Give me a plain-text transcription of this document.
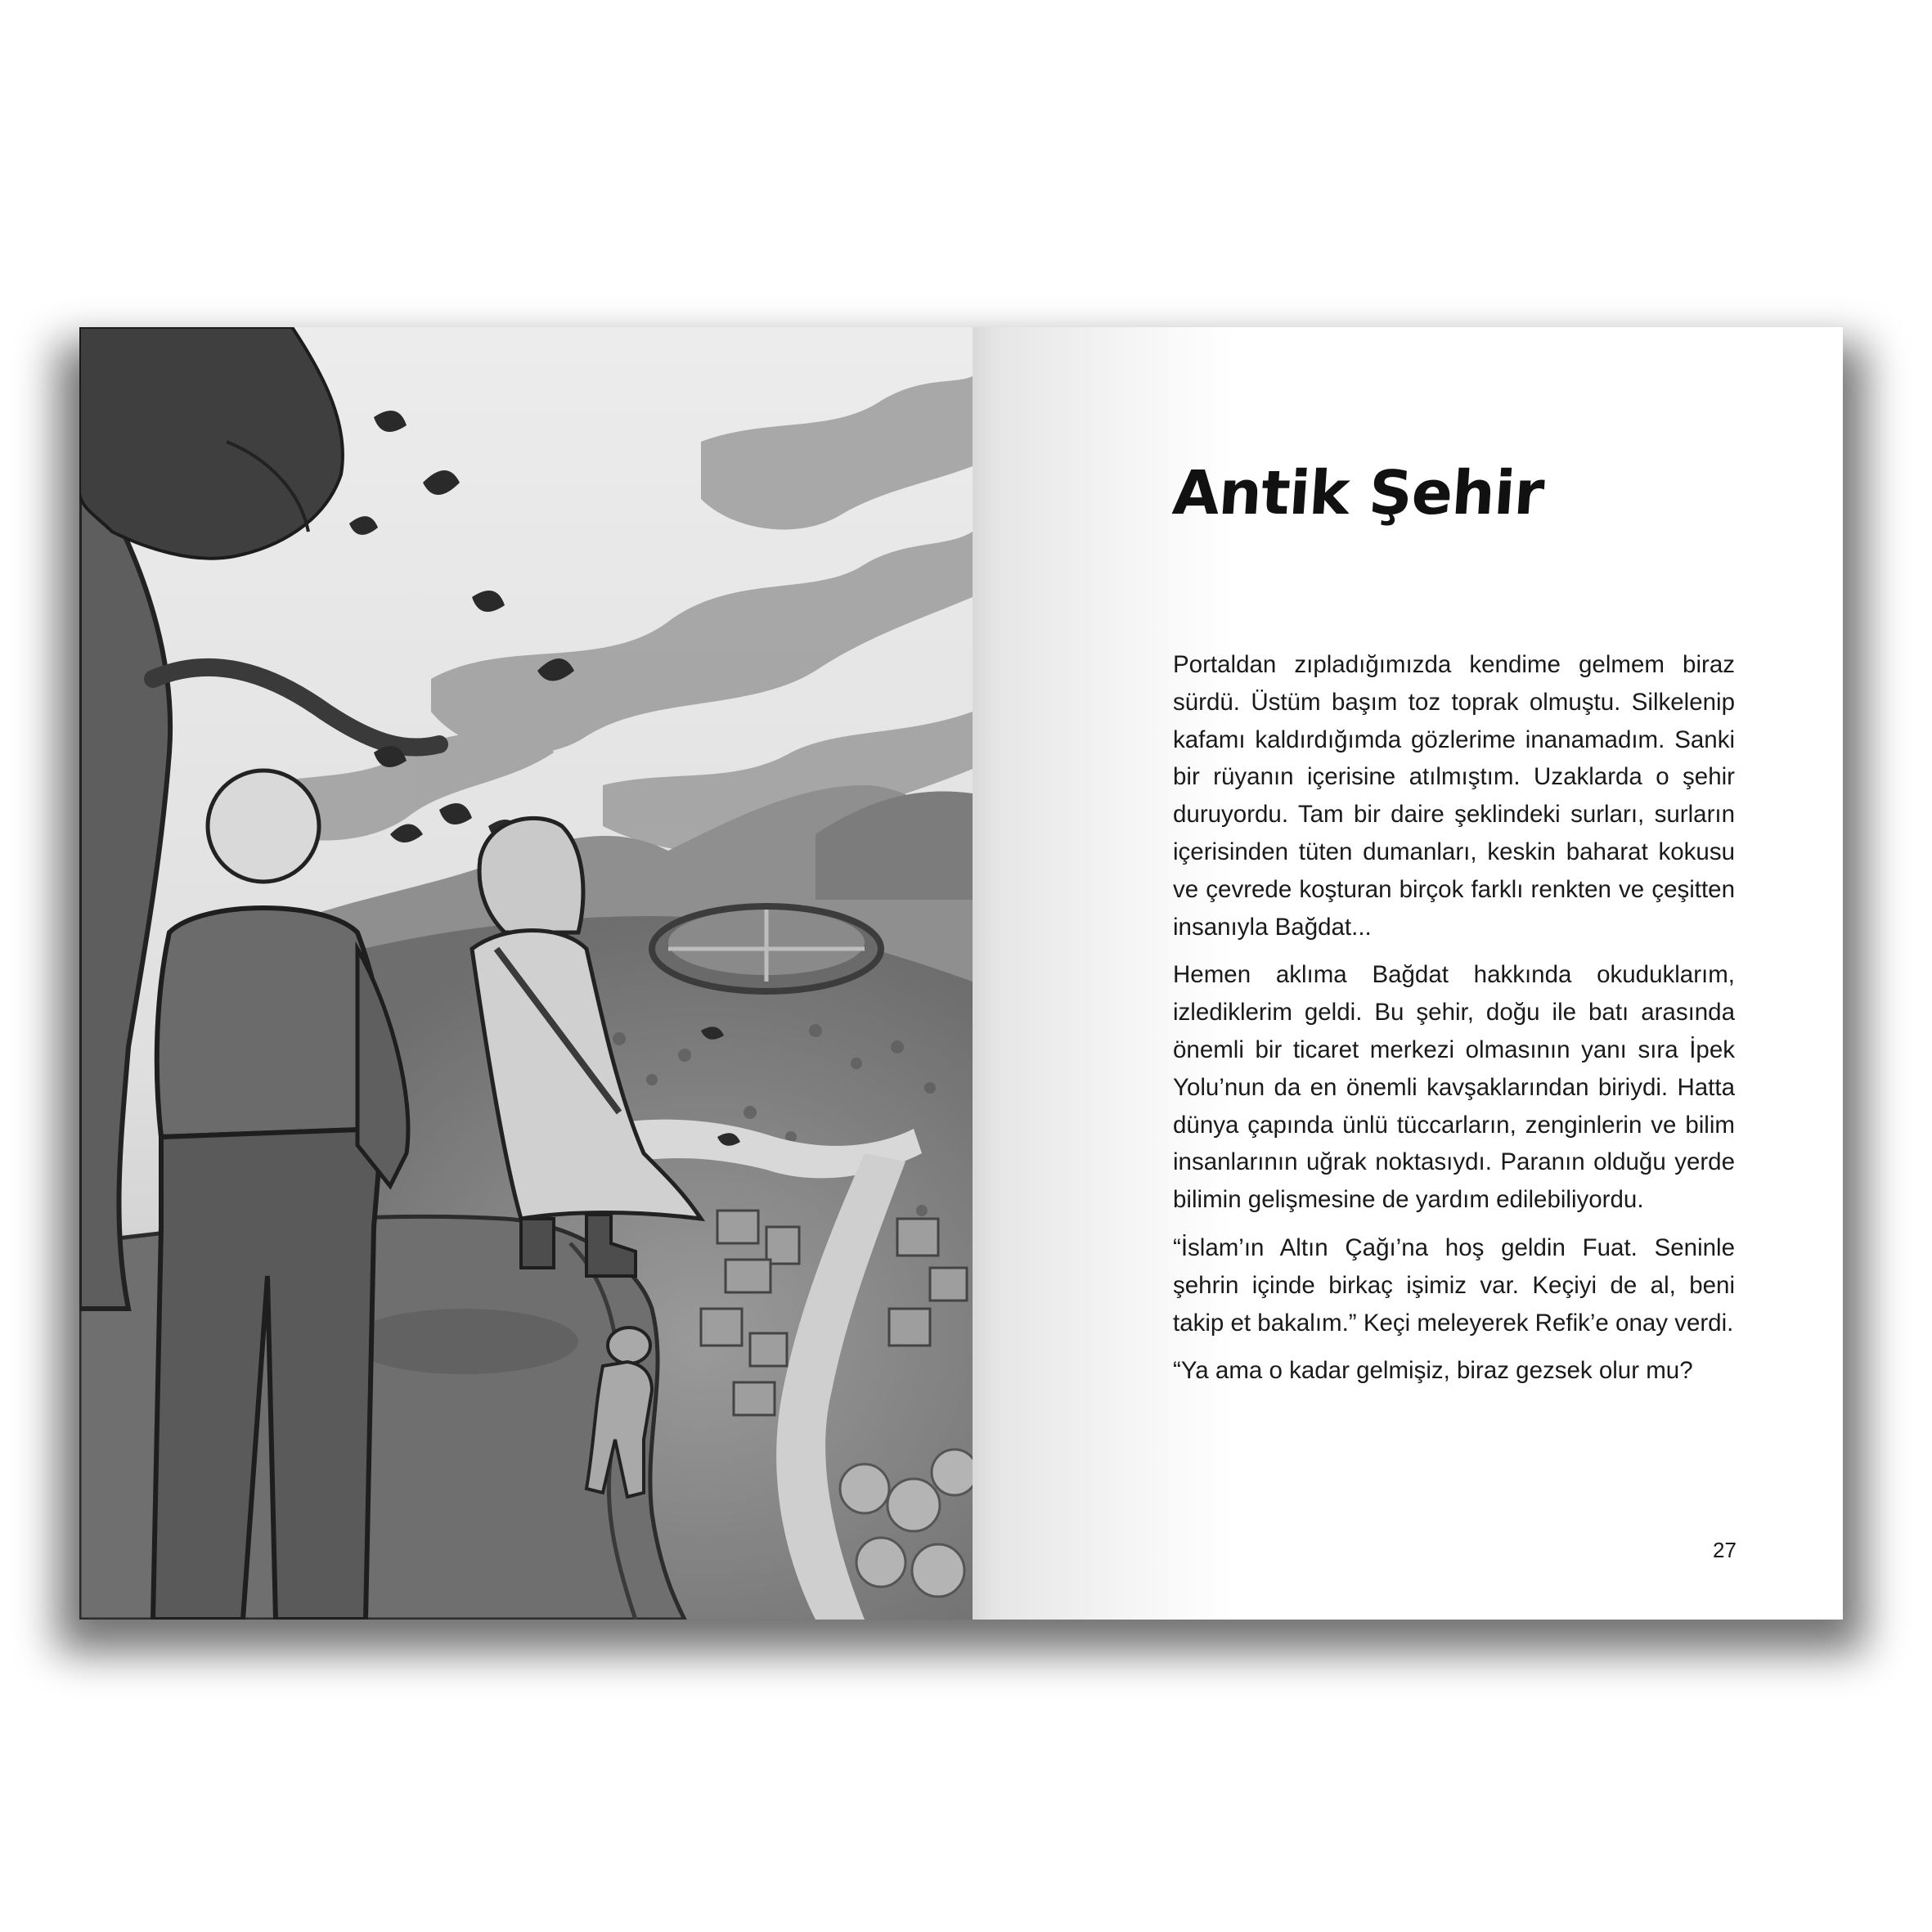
Antik Şehir

Portaldan zıpladığımızda kendime gelmem biraz sürdü. Üstüm başım toz toprak olmuştu. Silkelenip kafamı kaldırdığımda gözlerime inanamadım. Sanki bir rüyanın içerisine atılmıştım. Uzaklarda o şehir duruyordu. Tam bir daire şeklindeki surları, surların içerisinden tüten dumanları, keskin baharat kokusu ve çevrede koşturan birçok farklı renkten ve çeşitten insanıyla Bağdat...

Hemen aklıma Bağdat hakkında okuduklarım, izlediklerim geldi. Bu şehir, doğu ile batı arasında önemli bir ticaret merkezi olmasının yanı sıra İpek Yolu’nun da en önemli kavşaklarından biriydi. Hatta dünya çapında ünlü tüccarların, zenginlerin ve bilim insanlarının uğrak noktasıydı. Paranın olduğu yerde bilimin gelişmesine de yardım edilebiliyordu.

“İslam’ın Altın Çağı’na hoş geldin Fuat. Seninle şehrin içinde birkaç işimiz var. Keçiyi de al, beni takip et bakalım.” Keçi meleyerek Refik’e onay verdi.

“Ya ama o kadar gelmişiz, biraz gezsek olur mu?

27
